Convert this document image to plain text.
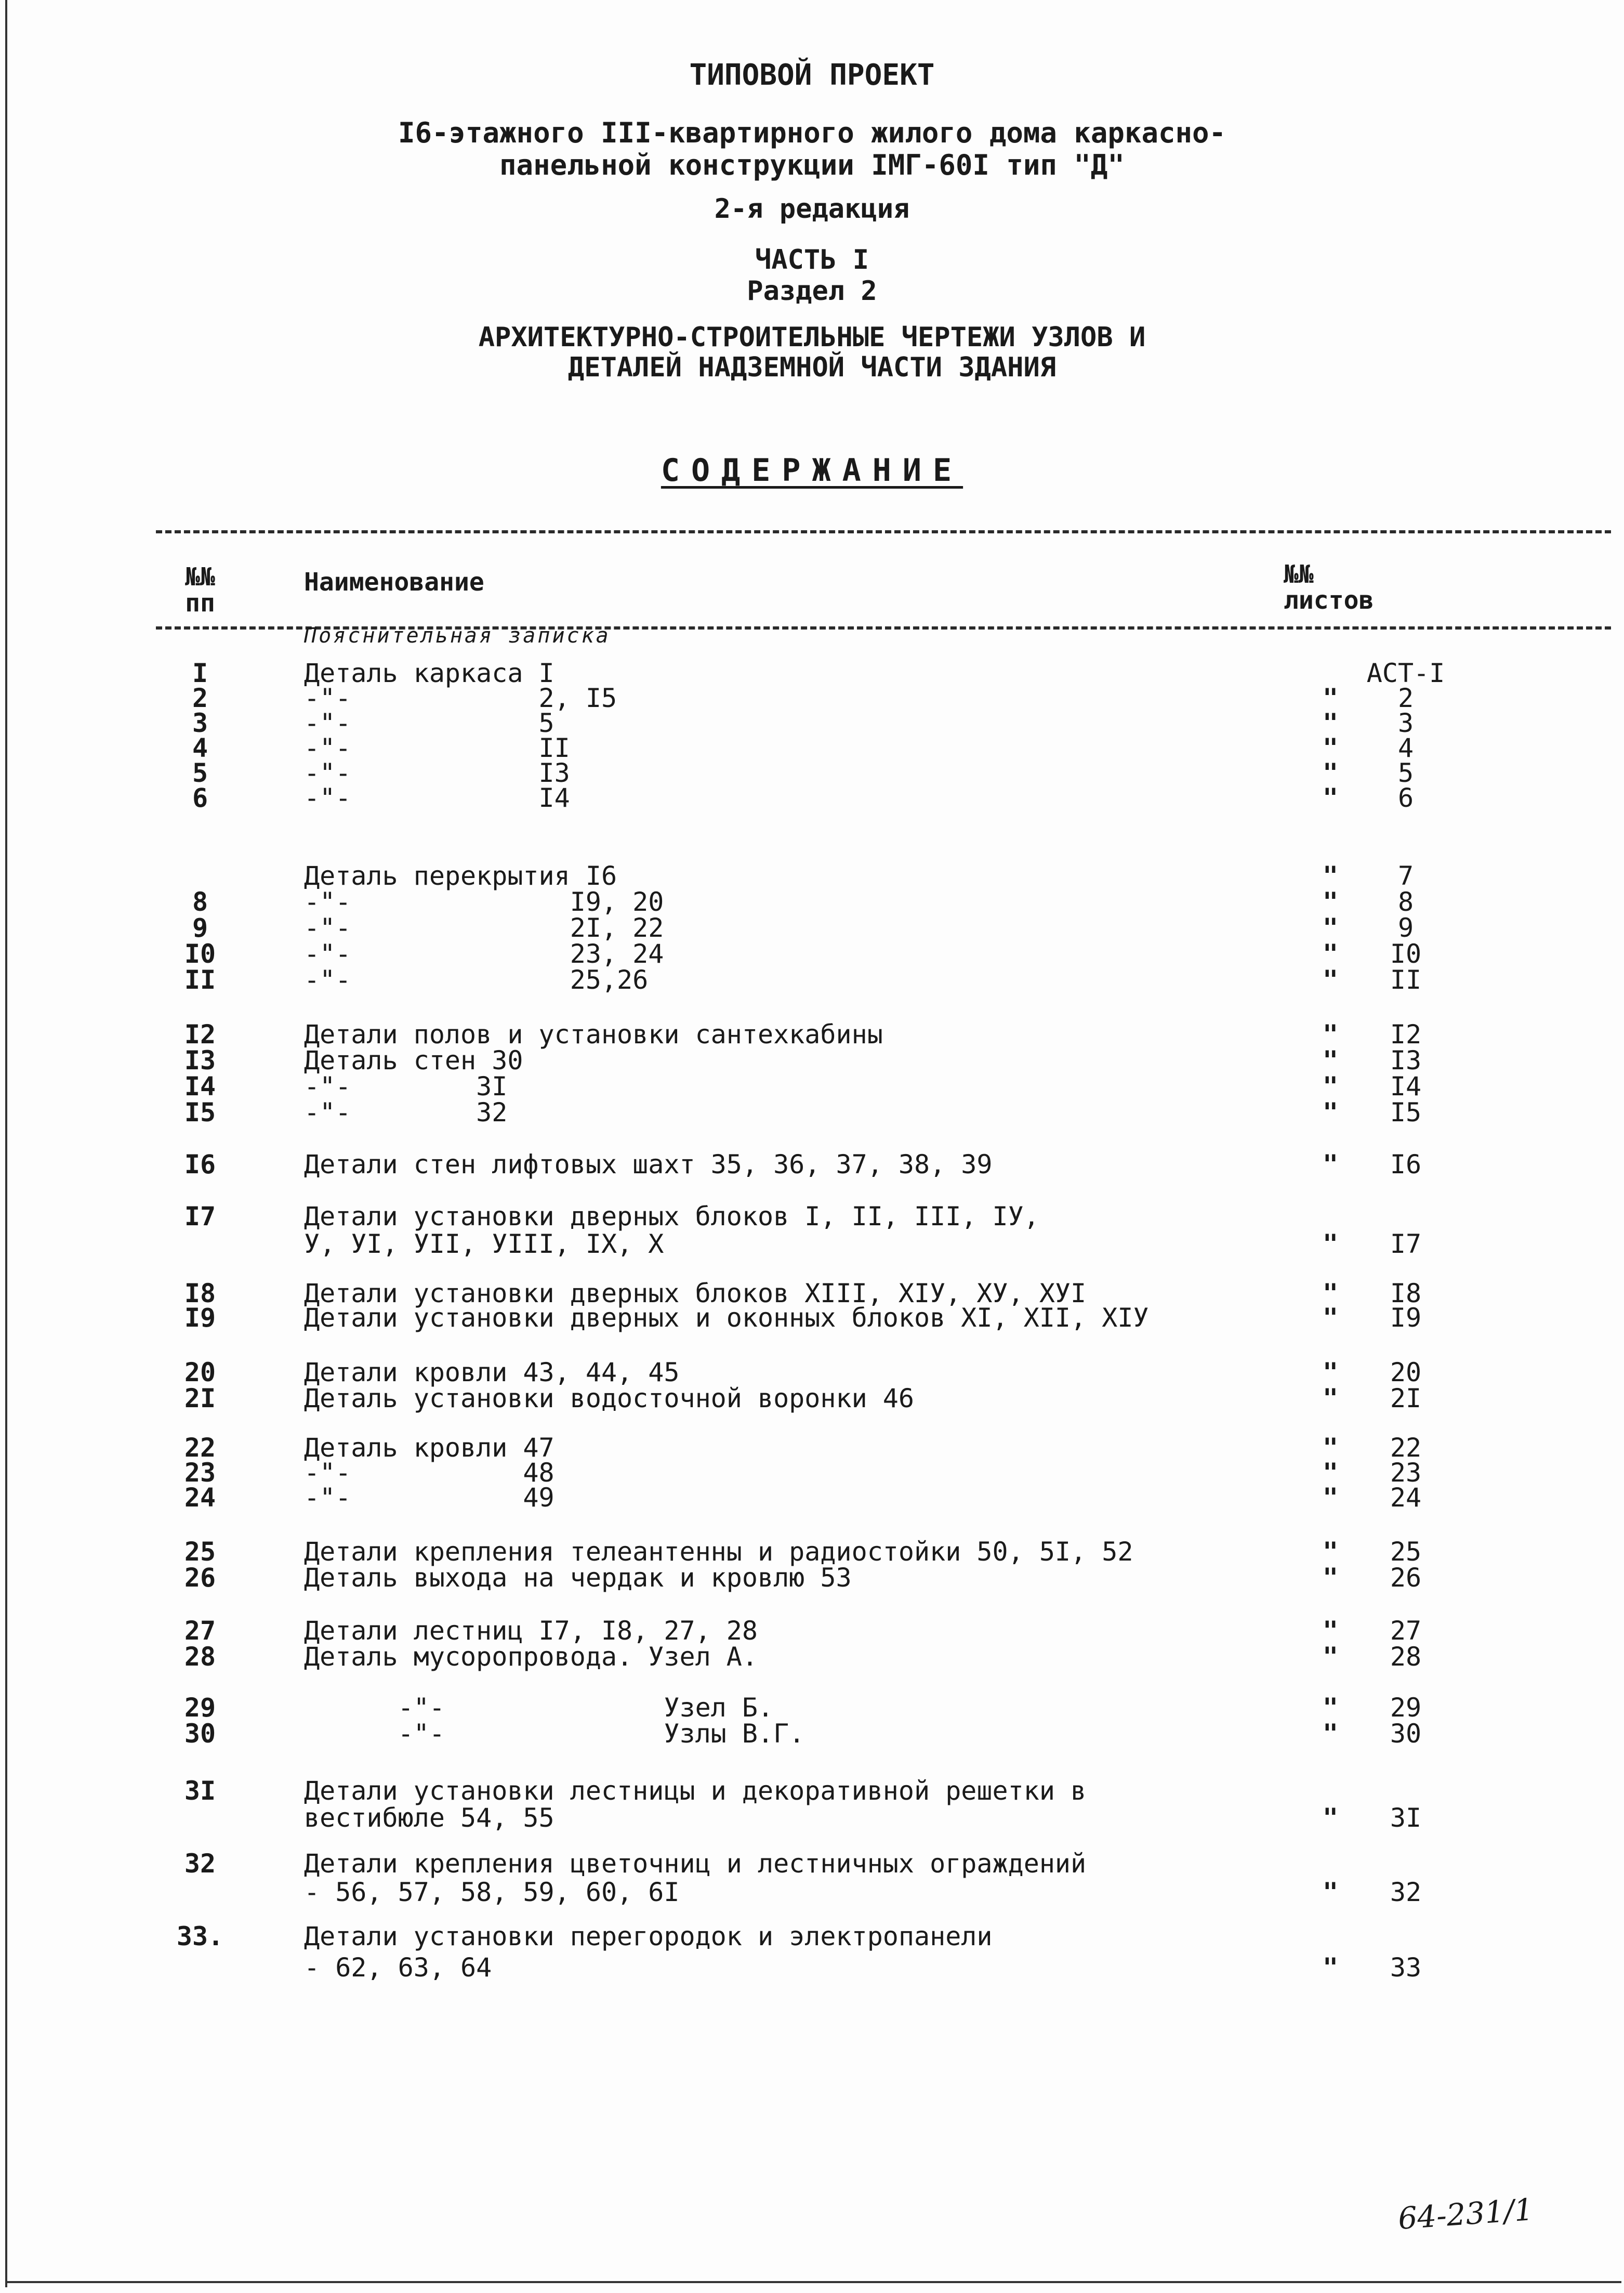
ТИПОВОЙ ПРОЕКТ
I6-этажного III-квартирного жилого дома каркасно-
панельной конструкции IМГ-60I тип "Д"
2-я редакция
ЧАСТЬ I
Раздел 2
АРХИТЕКТУРНО-СТРОИТЕЛЬНЫЕ ЧЕРТЕЖИ УЗЛОВ И
ДЕТАЛЕЙ НАДЗЕМНОЙ ЧАСТИ ЗДАНИЯ
СОДЕРЖАНИЕ
№№
пп
Наименование	№№
листов
Пояснительная записка
I	Деталь каркаса I	АСТ-I
2	-"-            2, I5	"	2
3	-"-            5	"	3
4	-"-            II	"	4
5	-"-            I3	"	5
6	-"-            I4	"	6
Деталь перекрытия I6	"	7
8	-"-              I9, 20	"	8
9	-"-              2I, 22	"	9
I0	-"-              23, 24	"	I0
II	-"-              25,26	"	II
I2	Детали полов и установки сантехкабины	"	I2
I3	Деталь стен 30	"	I3
I4	-"-        3I	"	I4
I5	-"-        32	"	I5
I6	Детали стен лифтовых шахт 35, 36, 37, 38, 39	"	I6
I7	Детали установки дверных блоков I, II, III, IУ,
У, УI, УII, УIII, IX, X	"	I7
I8	Детали установки дверных блоков XIII, XIУ, XУ, XУI	"	I8
I9	Детали установки дверных и оконных блоков XI, XII, XIУ	"	I9
20	Детали кровли 43, 44, 45	"	20
2I	Деталь установки водосточной воронки 46	"	2I
22	Деталь кровли 47	"	22
23	-"-           48	"	23
24	-"-           49	"	24
25	Детали крепления телеантенны и радиостойки 50, 5I, 52	"	25
26	Деталь выхода на чердак и кровлю 53	"	26
27	Детали лестниц I7, I8, 27, 28	"	27
28	Деталь мусоропровода. Узел А.	"	28
29	-"-              Узел Б.	"	29
30	-"-              Узлы В.Г.	"	30
3I	Детали установки лестницы и декоративной решетки в
вестибюле 54, 55	"	3I
32	Детали крепления цветочниц и лестничных ограждений
- 56, 57, 58, 59, 60, 6I	"	32
33.	Детали установки перегородок и электропанели
- 62, 63, 64	"	33
64-231/1
